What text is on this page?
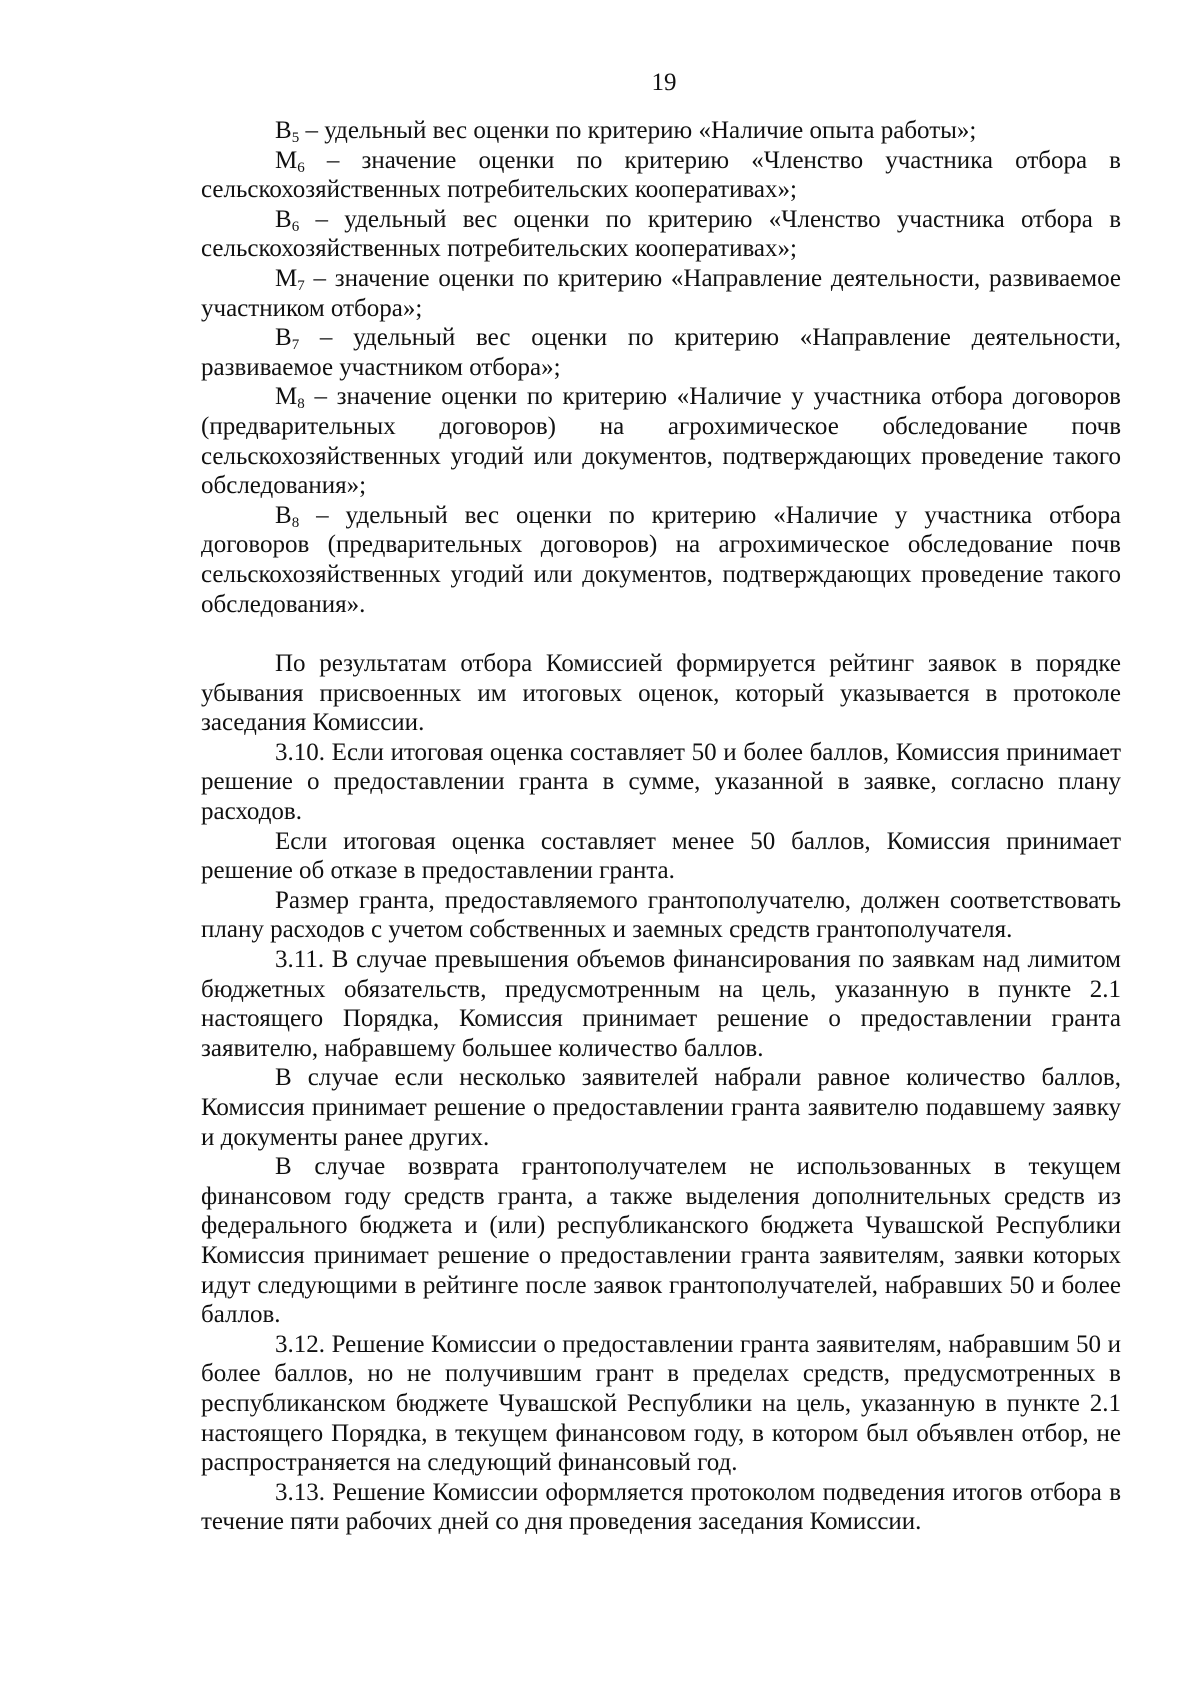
19

$В_5$ – удельный вес оценки по критерию «Наличие опыта работы»;

$М_6$ – значение оценки по критерию «Членство участника отбора в сельскохозяйственных потребительских кооперативах»;

$В_6$ – удельный вес оценки по критерию «Членство участника отбора в сельскохозяйственных потребительских кооперативах»;

$М_7$ – значение оценки по критерию «Направление деятельности, развиваемое участником отбора»;

$В_7$ – удельный вес оценки по критерию «Направление деятельности, развиваемое участником отбора»;

$М_8$ – значение оценки по критерию «Наличие у участника отбора договоров (предварительных договоров) на агрохимическое обследование почв сельскохозяйственных угодий или документов, подтверждающих проведение такого обследования»;

$В_8$ – удельный вес оценки по критерию «Наличие у участника отбора договоров (предварительных договоров) на агрохимическое обследование почв сельскохозяйственных угодий или документов, подтверждающих проведение такого обследования».

По результатам отбора Комиссией формируется рейтинг заявок в порядке убывания присвоенных им итоговых оценок, который указывается в протоколе заседания Комиссии.

3.10. Если итоговая оценка составляет 50 и более баллов, Комиссия принимает решение о предоставлении гранта в сумме, указанной в заявке, согласно плану расходов.

Если итоговая оценка составляет менее 50 баллов, Комиссия принимает решение об отказе в предоставлении гранта.

Размер гранта, предоставляемого грантополучателю, должен соответствовать плану расходов с учетом собственных и заемных средств грантополучателя.

3.11. В случае превышения объемов финансирования по заявкам над лимитом бюджетных обязательств, предусмотренным на цель, указанную в пункте 2.1 настоящего Порядка, Комиссия принимает решение о предоставлении гранта заявителю, набравшему большее количество баллов.

В случае если несколько заявителей набрали равное количество баллов, Комиссия принимает решение о предоставлении гранта заявителю подавшему заявку и документы ранее других.

В случае возврата грантополучателем не использованных в текущем финансовом году средств гранта, а также выделения дополнительных средств из федерального бюджета и (или) республиканского бюджета Чувашской Республики Комиссия принимает решение о предоставлении гранта заявителям, заявки которых идут следующими в рейтинге после заявок грантополучателей, набравших 50 и более баллов.

3.12. Решение Комиссии о предоставлении гранта заявителям, набравшим 50 и более баллов, но не получившим грант в пределах средств, предусмотренных в республиканском бюджете Чувашской Республики на цель, указанную в пункте 2.1 настоящего Порядка, в текущем финансовом году, в котором был объявлен отбор, не распространяется на следующий финансовый год.

3.13. Решение Комиссии оформляется протоколом подведения итогов отбора в течение пяти рабочих дней со дня проведения заседания Комиссии.
